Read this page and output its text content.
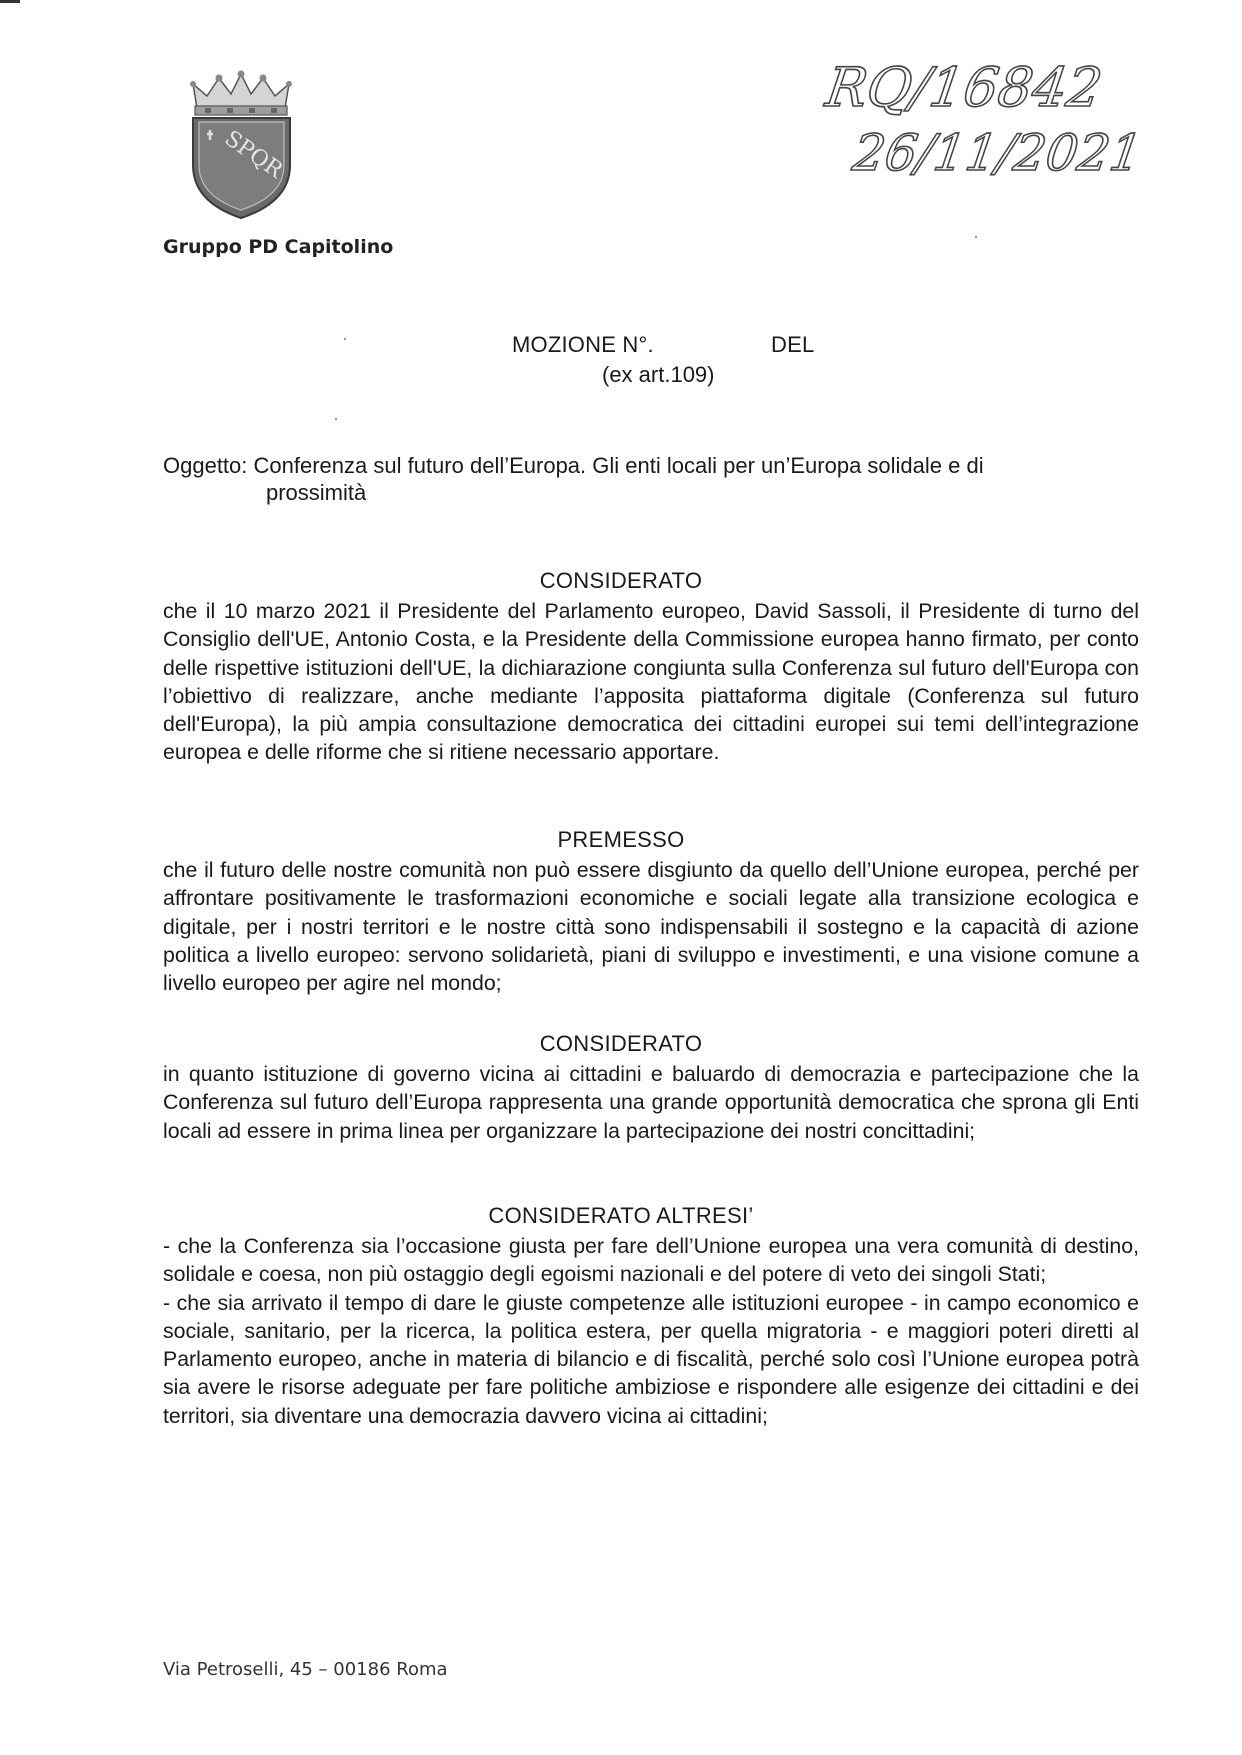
SPQR
Gruppo PD Capitolino
RQ/16842
26/11/2021
MOZIONE N°.	DEL
(ex art.109)
Oggetto: Conferenza sul futuro dell’Europa. Gli enti locali per un’Europa solidale e di
prossimità
CONSIDERATO

che il 10 marzo 2021 il Presidente del Parlamento europeo, David Sassoli, il Presidente di turno del Consiglio dell'UE, Antonio Costa, e la Presidente della Commissione europea hanno firmato, per conto delle rispettive istituzioni dell'UE, la dichiarazione congiunta sulla Conferenza sul futuro dell'Europa con l’obiettivo di realizzare, anche mediante l’apposita piattaforma digitale (Conferenza sul futuro dell'Europa), la più ampia consultazione democratica dei cittadini europei sui temi dell’integrazione europea e delle riforme che si ritiene necessario apportare.

PREMESSO

che il futuro delle nostre comunità non può essere disgiunto da quello dell’Unione europea, perché per affrontare positivamente le trasformazioni economiche e sociali legate alla transizione ecologica e digitale, per i nostri territori e le nostre città sono indispensabili il sostegno e la capacità di azione politica a livello europeo: servono solidarietà, piani di sviluppo e investimenti, e una visione comune a livello europeo per agire nel mondo;

CONSIDERATO

in quanto istituzione di governo vicina ai cittadini e baluardo di democrazia e partecipazione che la Conferenza sul futuro dell’Europa rappresenta una grande opportunità democratica che sprona gli Enti locali ad essere in prima linea per organizzare la partecipazione dei nostri concittadini;

CONSIDERATO ALTRESI’

- che la Conferenza sia l’occasione giusta per fare dell’Unione europea una vera comunità di destino, solidale e coesa, non più ostaggio degli egoismi nazionali e del potere di veto dei singoli Stati;

- che sia arrivato il tempo di dare le giuste competenze alle istituzioni europee - in campo economico e sociale, sanitario, per la ricerca, la politica estera, per quella migratoria - e maggiori poteri diretti al Parlamento europeo, anche in materia di bilancio e di fiscalità, perché solo così l’Unione europea potrà sia avere le risorse adeguate per fare politiche ambiziose e rispondere alle esigenze dei cittadini e dei territori, sia diventare una democrazia davvero vicina ai cittadini;

Via Petroselli, 45 – 00186 Roma
